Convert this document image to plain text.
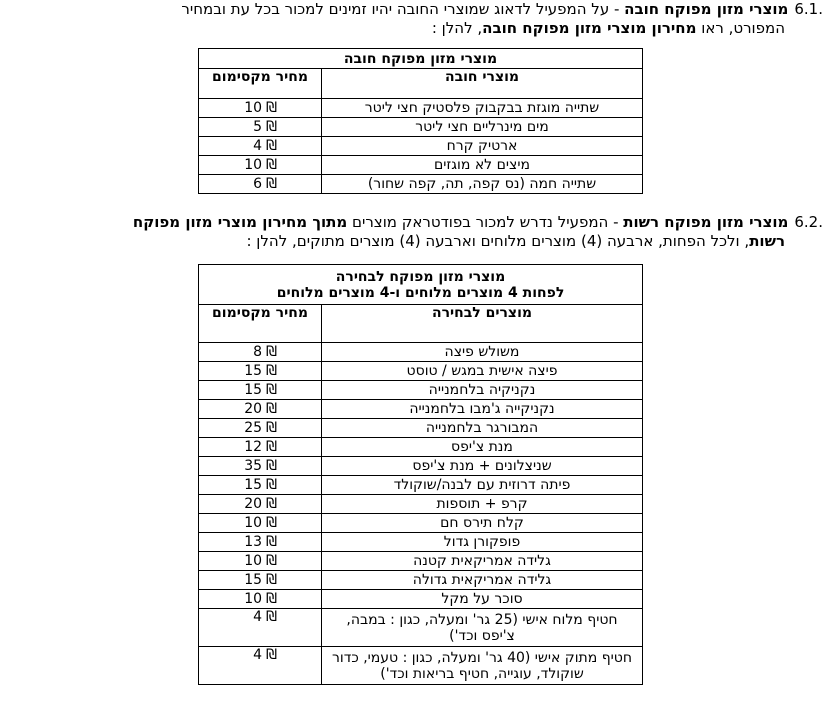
6.1.מוצרי מזון מפוקח חובה - על המפעיל לדאוג שמוצרי החובה יהיו זמינים למכור בכל עת ובמחיר
המפורט, ראו מחירון מוצרי מזון מפוקח חובה, להלן :
מוצרי מזון מפוקח חובה	
מוצרי חובה	מחיר מקסימום
שתייה מוגזת בבקבוק פלסטיק חצי ליטר	10 ₪
מים מינרליים חצי ליטר	5 ₪
ארטיק קרח	4 ₪
מיצים לא מוגזים	10 ₪
שתייה חמה (נס קפה, תה, קפה שחור)	6 ₪
6.2.מוצרי מזון מפוקח רשות - המפעיל נדרש למכור בפודטראק מוצרים מתוך מחירון מוצרי מזון מפוקח
רשות, ולכל הפחות, ארבעה (4) מוצרים מלוחים וארבעה (4) מוצרים מתוקים, להלן :
מוצרי מזון מפוקח לבחירה
לפחות 4 מוצרים מלוחים ו-4 מוצרים מלוחים	

מוצרים לבחירה	מחיר מקסימום
משולש פיצה	8 ₪
פיצה אישית במגש / טוסט	15 ₪
נקניקיה בלחמנייה	15 ₪
נקניקייה ג'מבו בלחמנייה	20 ₪
המבורגר בלחמנייה	25 ₪
מנת צ'יפס	12 ₪
שניצלונים + מנת צ'יפס	35 ₪
פיתה דרוזית עם לבנה/שוקולד	15 ₪
קרפ + תוספות	20 ₪
קלח תירס חם	10 ₪
פופקורן גדול	13 ₪
גלידה אמריקאית קטנה	10 ₪
גלידה אמריקאית גדולה	15 ₪
סוכר על מקל	10 ₪
חטיף מלוח אישי (25 גר' ומעלה, כגון : במבה, צ'יפס וכד')	4 ₪
חטיף מתוק אישי (40 גר' ומעלה, כגון : טעמי, כדור שוקולד, עוגייה, חטיף בריאות וכד')	4 ₪
